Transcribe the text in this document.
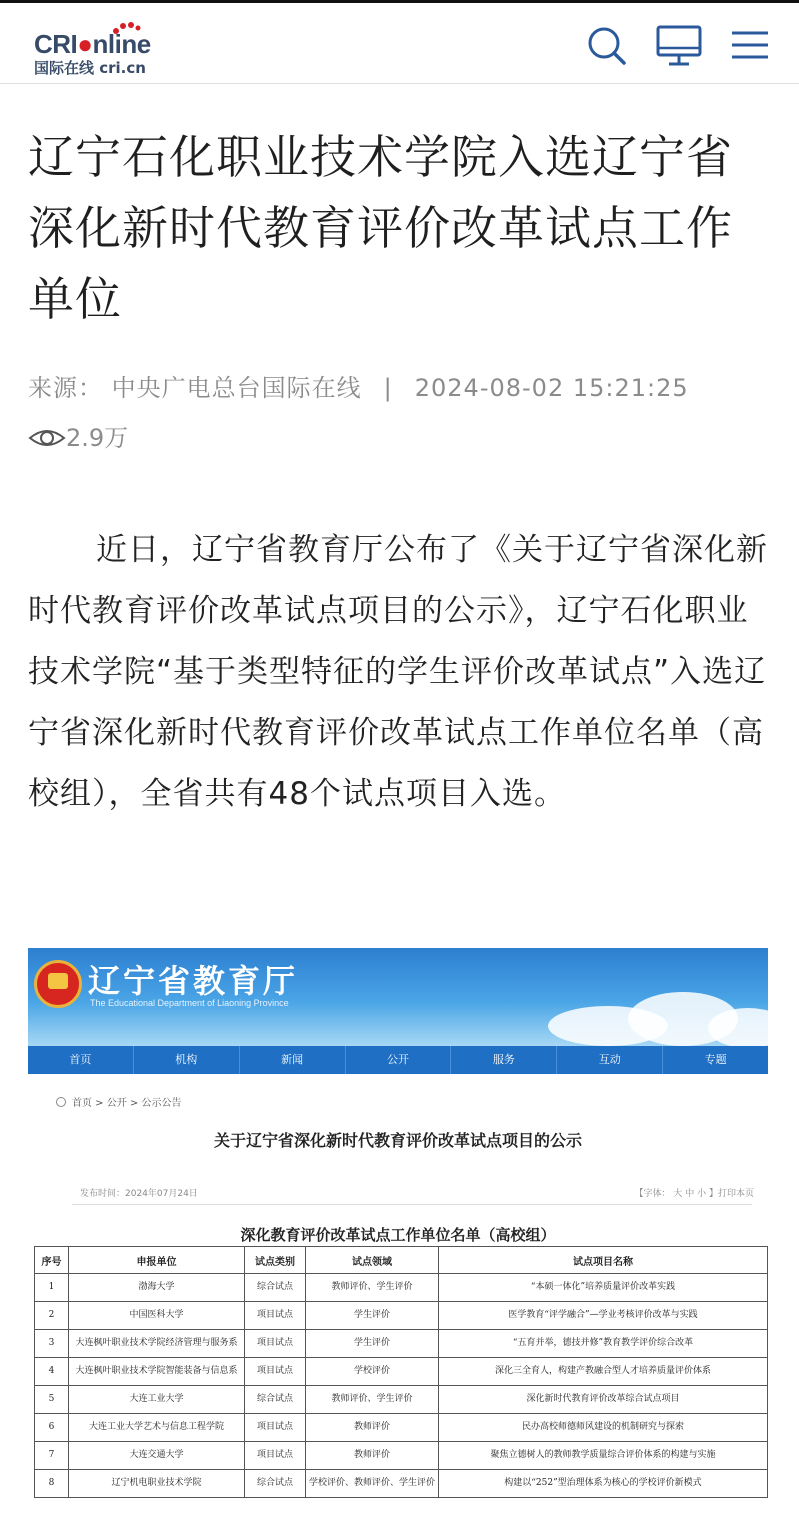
CRI●nline
国际在线 cri.cn
辽宁石化职业技术学院入选辽宁省深化新时代教育评价改革试点工作单位
来源： 中央广电总台国际在线 | 2024-08-02 15:21:25
2.9万

近日，辽宁省教育厅公布了《关于辽宁省深化新时代教育评价改革试点项目的公示》，辽宁石化职业技术学院“基于类型特征的学生评价改革试点”入选辽宁省深化新时代教育评价改革试点工作单位名单（高校组），全省共有48个试点项目入选。

辽宁省教育厅
The Educational Department of Liaoning Province
首页	机构	新闻	公开	服务	互动	专题
首页 > 公开 > 公示公告
关于辽宁省深化新时代教育评价改革试点项目的公示
发布时间：2024年07月24日	【字体： 大 中 小 】打印本页
深化教育评价改革试点工作单位名单（高校组）
序号	申报单位	试点类别	试点领域	试点项目名称
1	渤海大学	综合试点	教师评价、学生评价	“本硕一体化”培养质量评价改革实践
2	中国医科大学	项目试点	学生评价	医学教育“评学融合”—学业考核评价改革与实践
3	大连枫叶职业技术学院经济管理与服务系	项目试点	学生评价	“五育并举，德技并修”教育教学评价综合改革
4	大连枫叶职业技术学院智能装备与信息系	项目试点	学校评价	深化三全育人，构建产教融合型人才培养质量评价体系
5	大连工业大学	综合试点	教师评价、学生评价	深化新时代教育评价改革综合试点项目
6	大连工业大学艺术与信息工程学院	项目试点	教师评价	民办高校师德师风建设的机制研究与探索
7	大连交通大学	项目试点	教师评价	聚焦立德树人的教师教学质量综合评价体系的构建与实施
8	辽宁机电职业技术学院	综合试点	学校评价、教师评价、学生评价	构建以“252”型治理体系为核心的学校评价新模式
